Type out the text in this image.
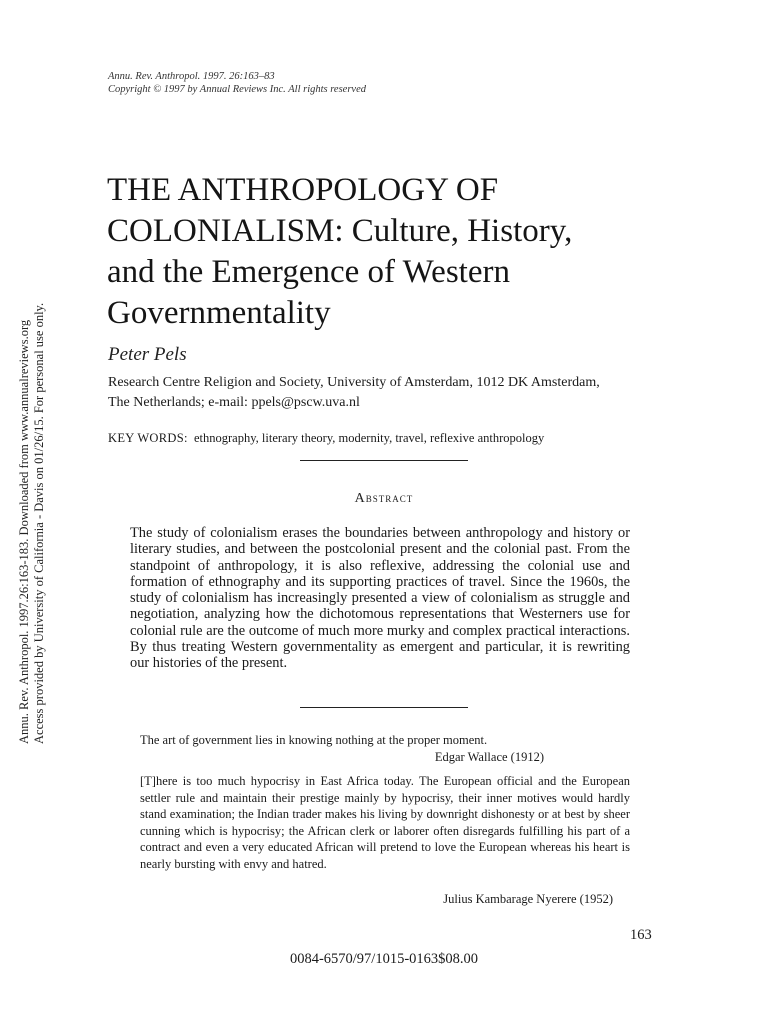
Annu. Rev. Anthropol. 1997. 26:163–83
Copyright © 1997 by Annual Reviews Inc. All rights reserved
Annu. Rev. Anthropol. 1997.26:163-183. Downloaded from www.annualreviews.org Access provided by University of California - Davis on 01/26/15. For personal use only.
THE ANTHROPOLOGY OF
COLONIALISM: Culture, History,
and the Emergence of Western
Governmentality
Peter Pels
Research Centre Religion and Society, University of Amsterdam, 1012 DK Amsterdam,
The Netherlands; e-mail: ppels@pscw.uva.nl
KEY WORDS: ethnography, literary theory, modernity, travel, reflexive anthropology
Abstract
The study of colonialism erases the boundaries between anthropology and history or literary studies, and between the postcolonial present and the colonial past. From the standpoint of anthropology, it is also reflexive, addressing the colonial use and formation of ethnography and its supporting practices of travel. Since the 1960s, the study of colonialism has increasingly presented a view of colonialism as struggle and negotiation, analyzing how the dichotomous representations that Westerners use for colonial rule are the outcome of much more murky and complex practical interactions. By thus treating Western governmentality as emergent and particular, it is rewriting our histories of the present.
The art of government lies in knowing nothing at the proper moment.
Edgar Wallace (1912)
[T]here is too much hypocrisy in East Africa today. The European official and the European settler rule and maintain their prestige mainly by hypocrisy, their inner motives would hardly stand examination; the Indian trader makes his living by downright dishonesty or at best by sheer cunning which is hypocrisy; the African clerk or laborer often disregards fulfilling his part of a contract and even a very educated African will pretend to love the European whereas his heart is nearly bursting with envy and hatred.
Julius Kambarage Nyerere (1952)
163
0084-6570/97/1015-0163$08.00
